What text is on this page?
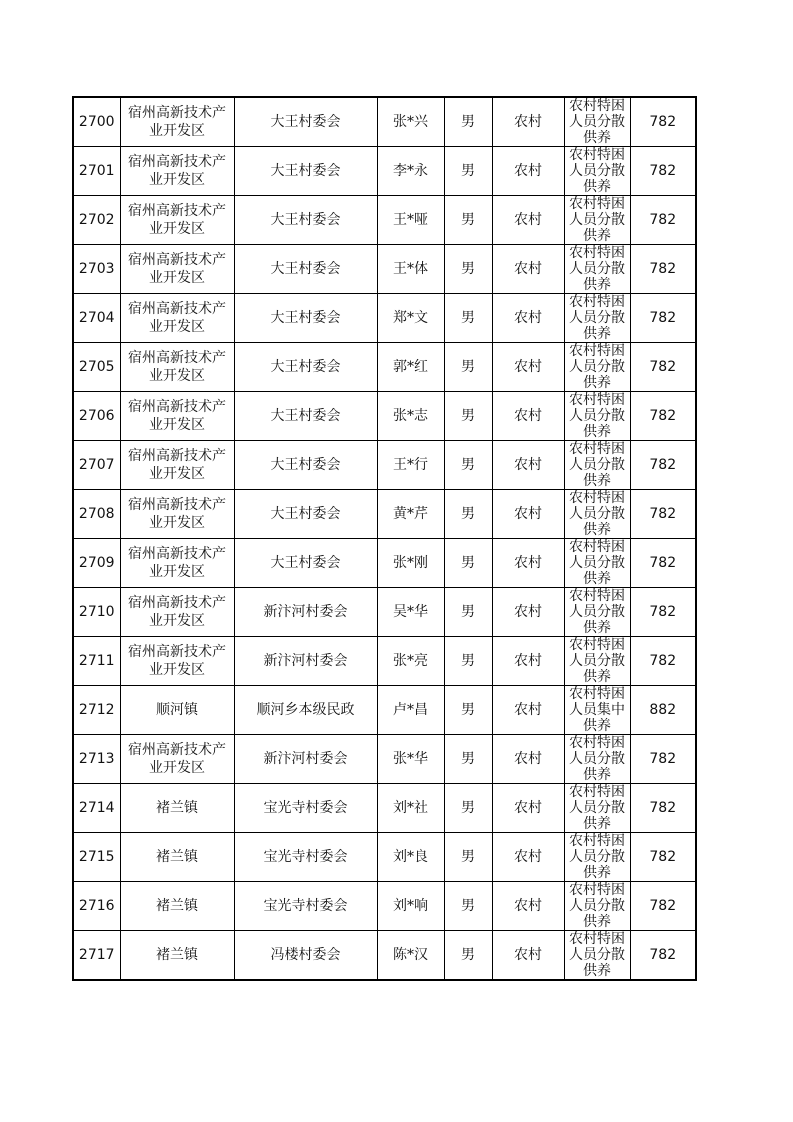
2700	宿州高新技术产业开发区	大王村委会	张*兴	男	农村	农村特困人员分散供养	782
2701	宿州高新技术产业开发区	大王村委会	李*永	男	农村	农村特困人员分散供养	782
2702	宿州高新技术产业开发区	大王村委会	王*哑	男	农村	农村特困人员分散供养	782
2703	宿州高新技术产业开发区	大王村委会	王*体	男	农村	农村特困人员分散供养	782
2704	宿州高新技术产业开发区	大王村委会	郑*文	男	农村	农村特困人员分散供养	782
2705	宿州高新技术产业开发区	大王村委会	郭*红	男	农村	农村特困人员分散供养	782
2706	宿州高新技术产业开发区	大王村委会	张*志	男	农村	农村特困人员分散供养	782
2707	宿州高新技术产业开发区	大王村委会	王*行	男	农村	农村特困人员分散供养	782
2708	宿州高新技术产业开发区	大王村委会	黄*芹	男	农村	农村特困人员分散供养	782
2709	宿州高新技术产业开发区	大王村委会	张*刚	男	农村	农村特困人员分散供养	782
2710	宿州高新技术产业开发区	新汴河村委会	吴*华	男	农村	农村特困人员分散供养	782
2711	宿州高新技术产业开发区	新汴河村委会	张*亮	男	农村	农村特困人员分散供养	782
2712	顺河镇	顺河乡本级民政	卢*昌	男	农村	农村特困人员集中供养	882
2713	宿州高新技术产业开发区	新汴河村委会	张*华	男	农村	农村特困人员分散供养	782
2714	褚兰镇	宝光寺村委会	刘*社	男	农村	农村特困人员分散供养	782
2715	褚兰镇	宝光寺村委会	刘*良	男	农村	农村特困人员分散供养	782
2716	褚兰镇	宝光寺村委会	刘*响	男	农村	农村特困人员分散供养	782
2717	褚兰镇	冯楼村委会	陈*汉	男	农村	农村特困人员分散供养	782
